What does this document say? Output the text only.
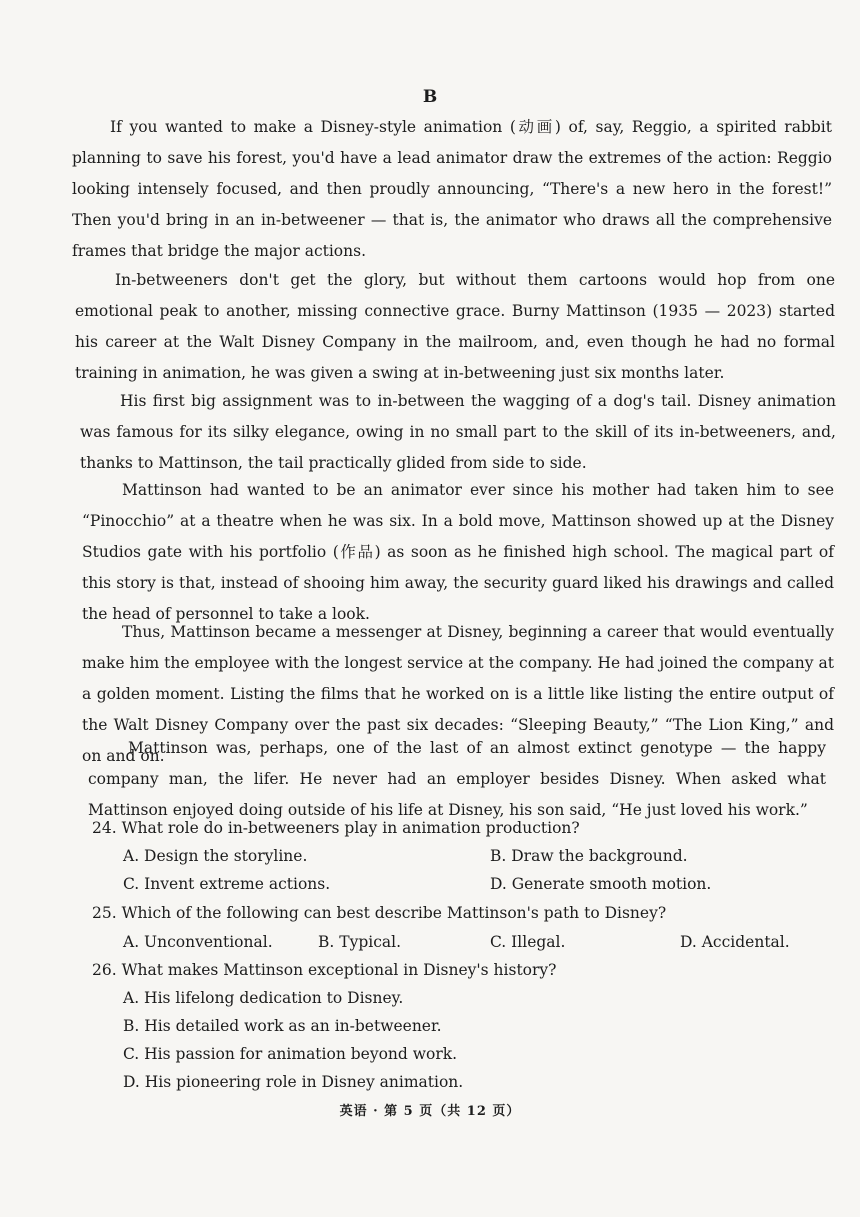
B
If you wanted to make a Disney-style animation (动画) of, say, Reggio, a spirited rabbit planning to save his forest, you'd have a lead animator draw the extremes of the action: Reggio looking intensely focused, and then proudly announcing, “There's a new hero in the forest!” Then you'd bring in an in-betweener — that is, the animator who draws all the comprehensive frames that bridge the major actions.
In-betweeners don't get the glory, but without them cartoons would hop from one emotional peak to another, missing connective grace. Burny Mattinson (1935 — 2023) started his career at the Walt Disney Company in the mailroom, and, even though he had no formal training in animation, he was given a swing at in-betweening just six months later.
His first big assignment was to in-between the wagging of a dog's tail. Disney animation was famous for its silky elegance, owing in no small part to the skill of its in-betweeners, and, thanks to Mattinson, the tail practically glided from side to side.
Mattinson had wanted to be an animator ever since his mother had taken him to see “Pinocchio” at a theatre when he was six. In a bold move, Mattinson showed up at the Disney Studios gate with his portfolio (作品) as soon as he finished high school. The magical part of this story is that, instead of shooing him away, the security guard liked his drawings and called the head of personnel to take a look.
Thus, Mattinson became a messenger at Disney, beginning a career that would eventually make him the employee with the longest service at the company. He had joined the company at a golden moment. Listing the films that he worked on is a little like listing the entire output of the Walt Disney Company over the past six decades: “Sleeping Beauty,” “The Lion King,” and on and on.
Mattinson was, perhaps, one of the last of an almost extinct genotype — the happy company man, the lifer. He never had an employer besides Disney. When asked what Mattinson enjoyed doing outside of his life at Disney, his son said, “He just loved his work.”
24. What role do in-betweeners play in animation production?
A. Design the storyline.	B. Draw the background.
C. Invent extreme actions.	D. Generate smooth motion.
25. Which of the following can best describe Mattinson's path to Disney?
A. Unconventional.	B. Typical.	C. Illegal.	D. Accidental.
26. What makes Mattinson exceptional in Disney's history?
A. His lifelong dedication to Disney.
B. His detailed work as an in-betweener.
C. His passion for animation beyond work.
D. His pioneering role in Disney animation.
英语 · 第 5 页（共 12 页）
